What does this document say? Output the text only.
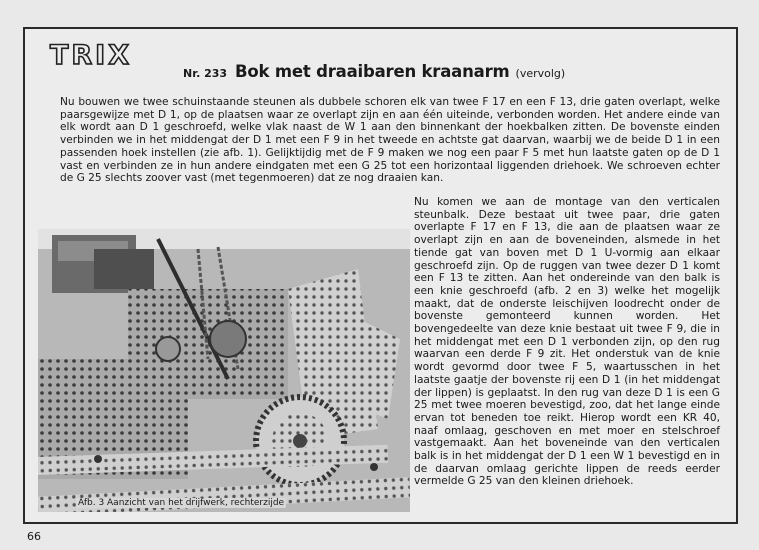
TRIX
Nr. 233 Bok met draaibaren kraanarm (vervolg)

Nu bouwen we twee schuinstaande steunen als dubbele schoren elk van twee F 17 en een F 13, drie gaten overlapt, welke paarsgewijze met D 1, op de plaatsen waar ze overlapt zijn en aan één uiteinde, verbonden worden. Het andere einde van elk wordt aan D 1 geschroefd, welke vlak naast de W 1 aan den binnenkant der hoekbalken zitten. De bovenste einden verbinden we in het middengat der D 1 met een F 9 in het tweede en achtste gat daarvan, waarbij we de beide D 1 in een passenden hoek instellen (zie afb. 1). Gelijktijdig met de F 9 maken we nog een paar F 5 met hun laatste gaten op de D 1 vast en verbinden ze in hun andere eindgaten met een G 25 tot een horizontaal liggenden driehoek. We schroeven echter de G 25 slechts zoover vast (met tegenmoeren) dat ze nog draaien kan.

Nu komen we aan de montage van den verticalen steunbalk. Deze bestaat uit twee paar, drie gaten overlapte F 17 en F 13, die aan de plaatsen waar ze overlapt zijn en aan de boveneinden, alsmede in het tiende gat van boven met D 1 U-vormig aan elkaar geschroefd zijn. Op de ruggen van twee dezer D 1 komt een F 13 te zitten. Aan het ondereinde van den balk is een knie geschroefd (afb. 2 en 3) welke het mogelijk maakt, dat de onderste leischijven loodrecht onder de bovenste gemonteerd kunnen worden. Het bovengedeelte van deze knie bestaat uit twee F 9, die in het middengat met een D 1 verbonden zijn, op den rug waarvan een derde F 9 zit. Het onderstuk van de knie wordt gevormd door twee F 5, waartusschen in het laatste gaatje der bovenste rij een D 1 (in het middengat der lippen) is geplaatst. In den rug van deze D 1 is een G 25 met twee moeren bevestigd, zoo, dat het lange einde ervan tot beneden toe reikt. Hierop wordt een KR 40, naaf omlaag, geschoven en met moer en stelschroef vastgemaakt. Aan het boveneinde van den verticalen balk is in het middengat der D 1 een W 1 bevestigd en in de daarvan omlaag gerichte lippen de reeds eerder vermelde G 25 van den kleinen driehoek.

Afb. 3 Aanzicht van het drijfwerk, rechterzijde
66
